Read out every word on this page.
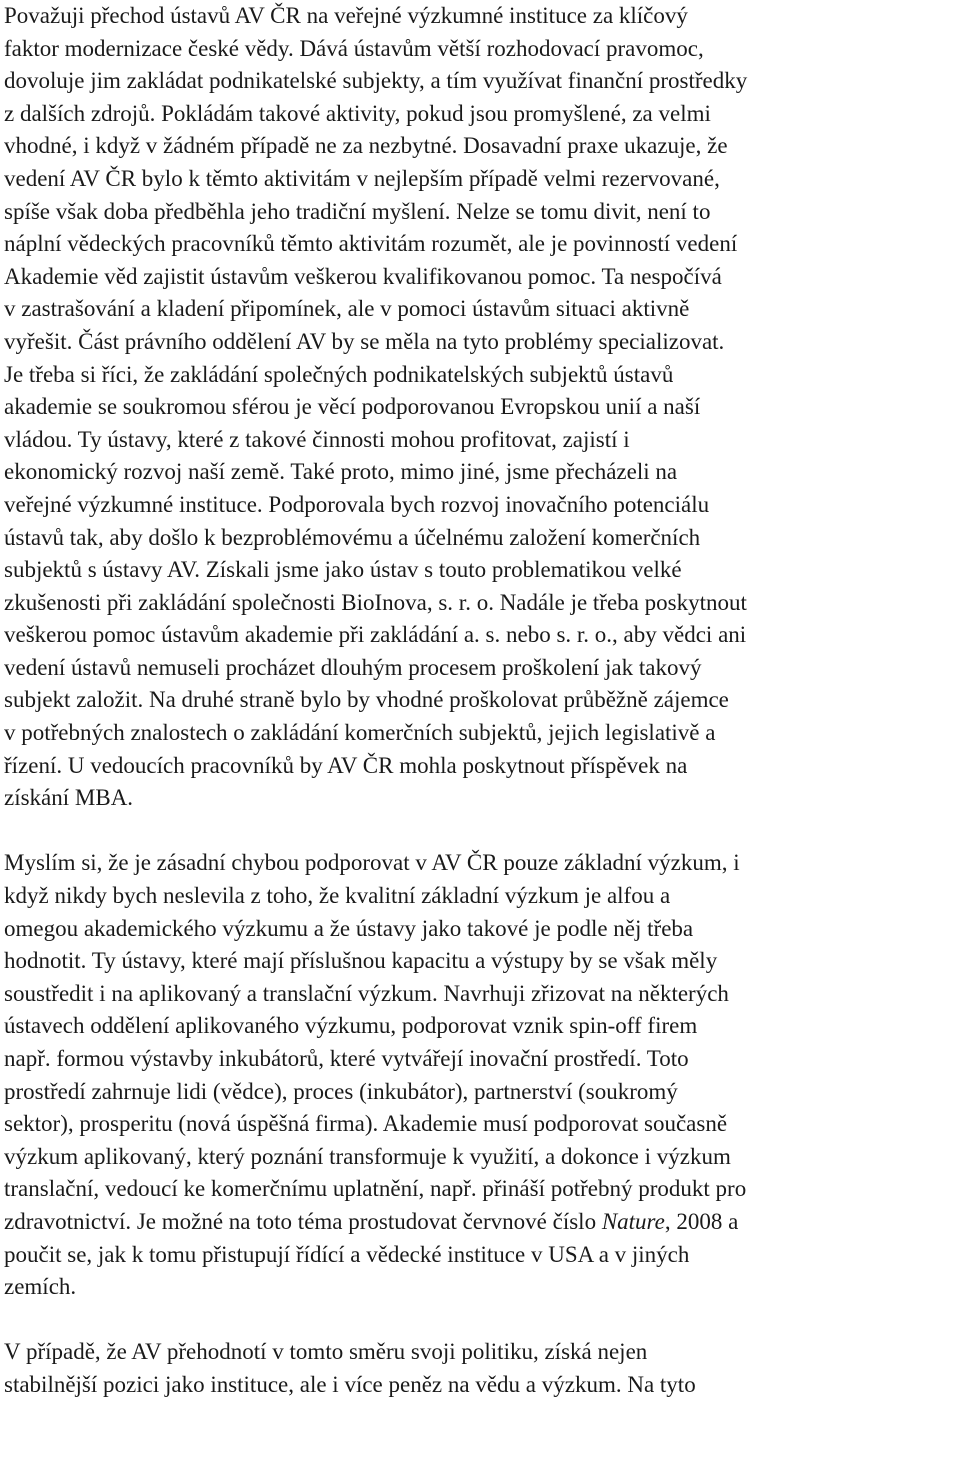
Považuji přechod ústavů AV ČR na veřejné výzkumné instituce za klíčový
faktor modernizace české vědy. Dává ústavům větší rozhodovací pravomoc,
dovoluje jim zakládat podnikatelské subjekty, a tím využívat finanční prostředky
z dalších zdrojů. Pokládám takové aktivity, pokud jsou promyšlené, za velmi
vhodné, i když v žádném případě ne za nezbytné. Dosavadní praxe ukazuje, že
vedení AV ČR bylo k těmto aktivitám v nejlepším případě velmi rezervované,
spíše však doba předběhla jeho tradiční myšlení. Nelze se tomu divit, není to
náplní vědeckých pracovníků těmto aktivitám rozumět, ale je povinností vedení
Akademie věd zajistit ústavům veškerou kvalifikovanou pomoc. Ta nespočívá
v zastrašování a kladení připomínek, ale v pomoci ústavům situaci aktivně
vyřešit. Část právního oddělení AV by se měla na tyto problémy specializovat.
Je třeba si říci, že zakládání společných podnikatelských subjektů ústavů
akademie se soukromou sférou je věcí podporovanou Evropskou unií a naší
vládou. Ty ústavy, které z takové činnosti mohou profitovat, zajistí i
ekonomický rozvoj naší země. Také proto, mimo jiné, jsme přecházeli na
veřejné výzkumné instituce. Podporovala bych rozvoj inovačního potenciálu
ústavů tak, aby došlo k bezproblémovému a účelnému založení komerčních
subjektů s ústavy AV. Získali jsme jako ústav s touto problematikou velké
zkušenosti při zakládání společnosti BioInova, s. r. o. Nadále je třeba poskytnout
veškerou pomoc ústavům akademie při zakládání a. s. nebo s. r. o., aby vědci ani
vedení ústavů nemuseli procházet dlouhým procesem proškolení jak takový
subjekt založit. Na druhé straně bylo by vhodné proškolovat průběžně zájemce
v potřebných znalostech o zakládání komerčních subjektů, jejich legislativě a
řízení. U vedoucích pracovníků by AV ČR mohla poskytnout příspěvek na
získání MBA.
Myslím si, že je zásadní chybou podporovat v AV ČR pouze základní výzkum, i
když nikdy bych neslevila z toho, že kvalitní základní výzkum je alfou a
omegou akademického výzkumu a že ústavy jako takové je podle něj třeba
hodnotit. Ty ústavy, které mají příslušnou kapacitu a výstupy by se však měly
soustředit i na aplikovaný a translační výzkum. Navrhuji zřizovat na některých
ústavech oddělení aplikovaného výzkumu, podporovat vznik spin-off firem
např. formou výstavby inkubátorů, které vytvářejí inovační prostředí. Toto
prostředí zahrnuje lidi (vědce), proces (inkubátor), partnerství (soukromý
sektor), prosperitu (nová úspěšná firma). Akademie musí podporovat současně
výzkum aplikovaný, který poznání transformuje k využití, a dokonce i výzkum
translační, vedoucí ke komerčnímu uplatnění, např. přináší potřebný produkt pro
zdravotnictví. Je možné na toto téma prostudovat červnové číslo Nature, 2008 a
poučit se, jak k tomu přistupují řídící a vědecké instituce v USA a v jiných
zemích.
V případě, že AV přehodnotí v tomto směru svoji politiku, získá nejen
stabilnější pozici jako instituce, ale i více peněz na vědu a výzkum. Na tyto
